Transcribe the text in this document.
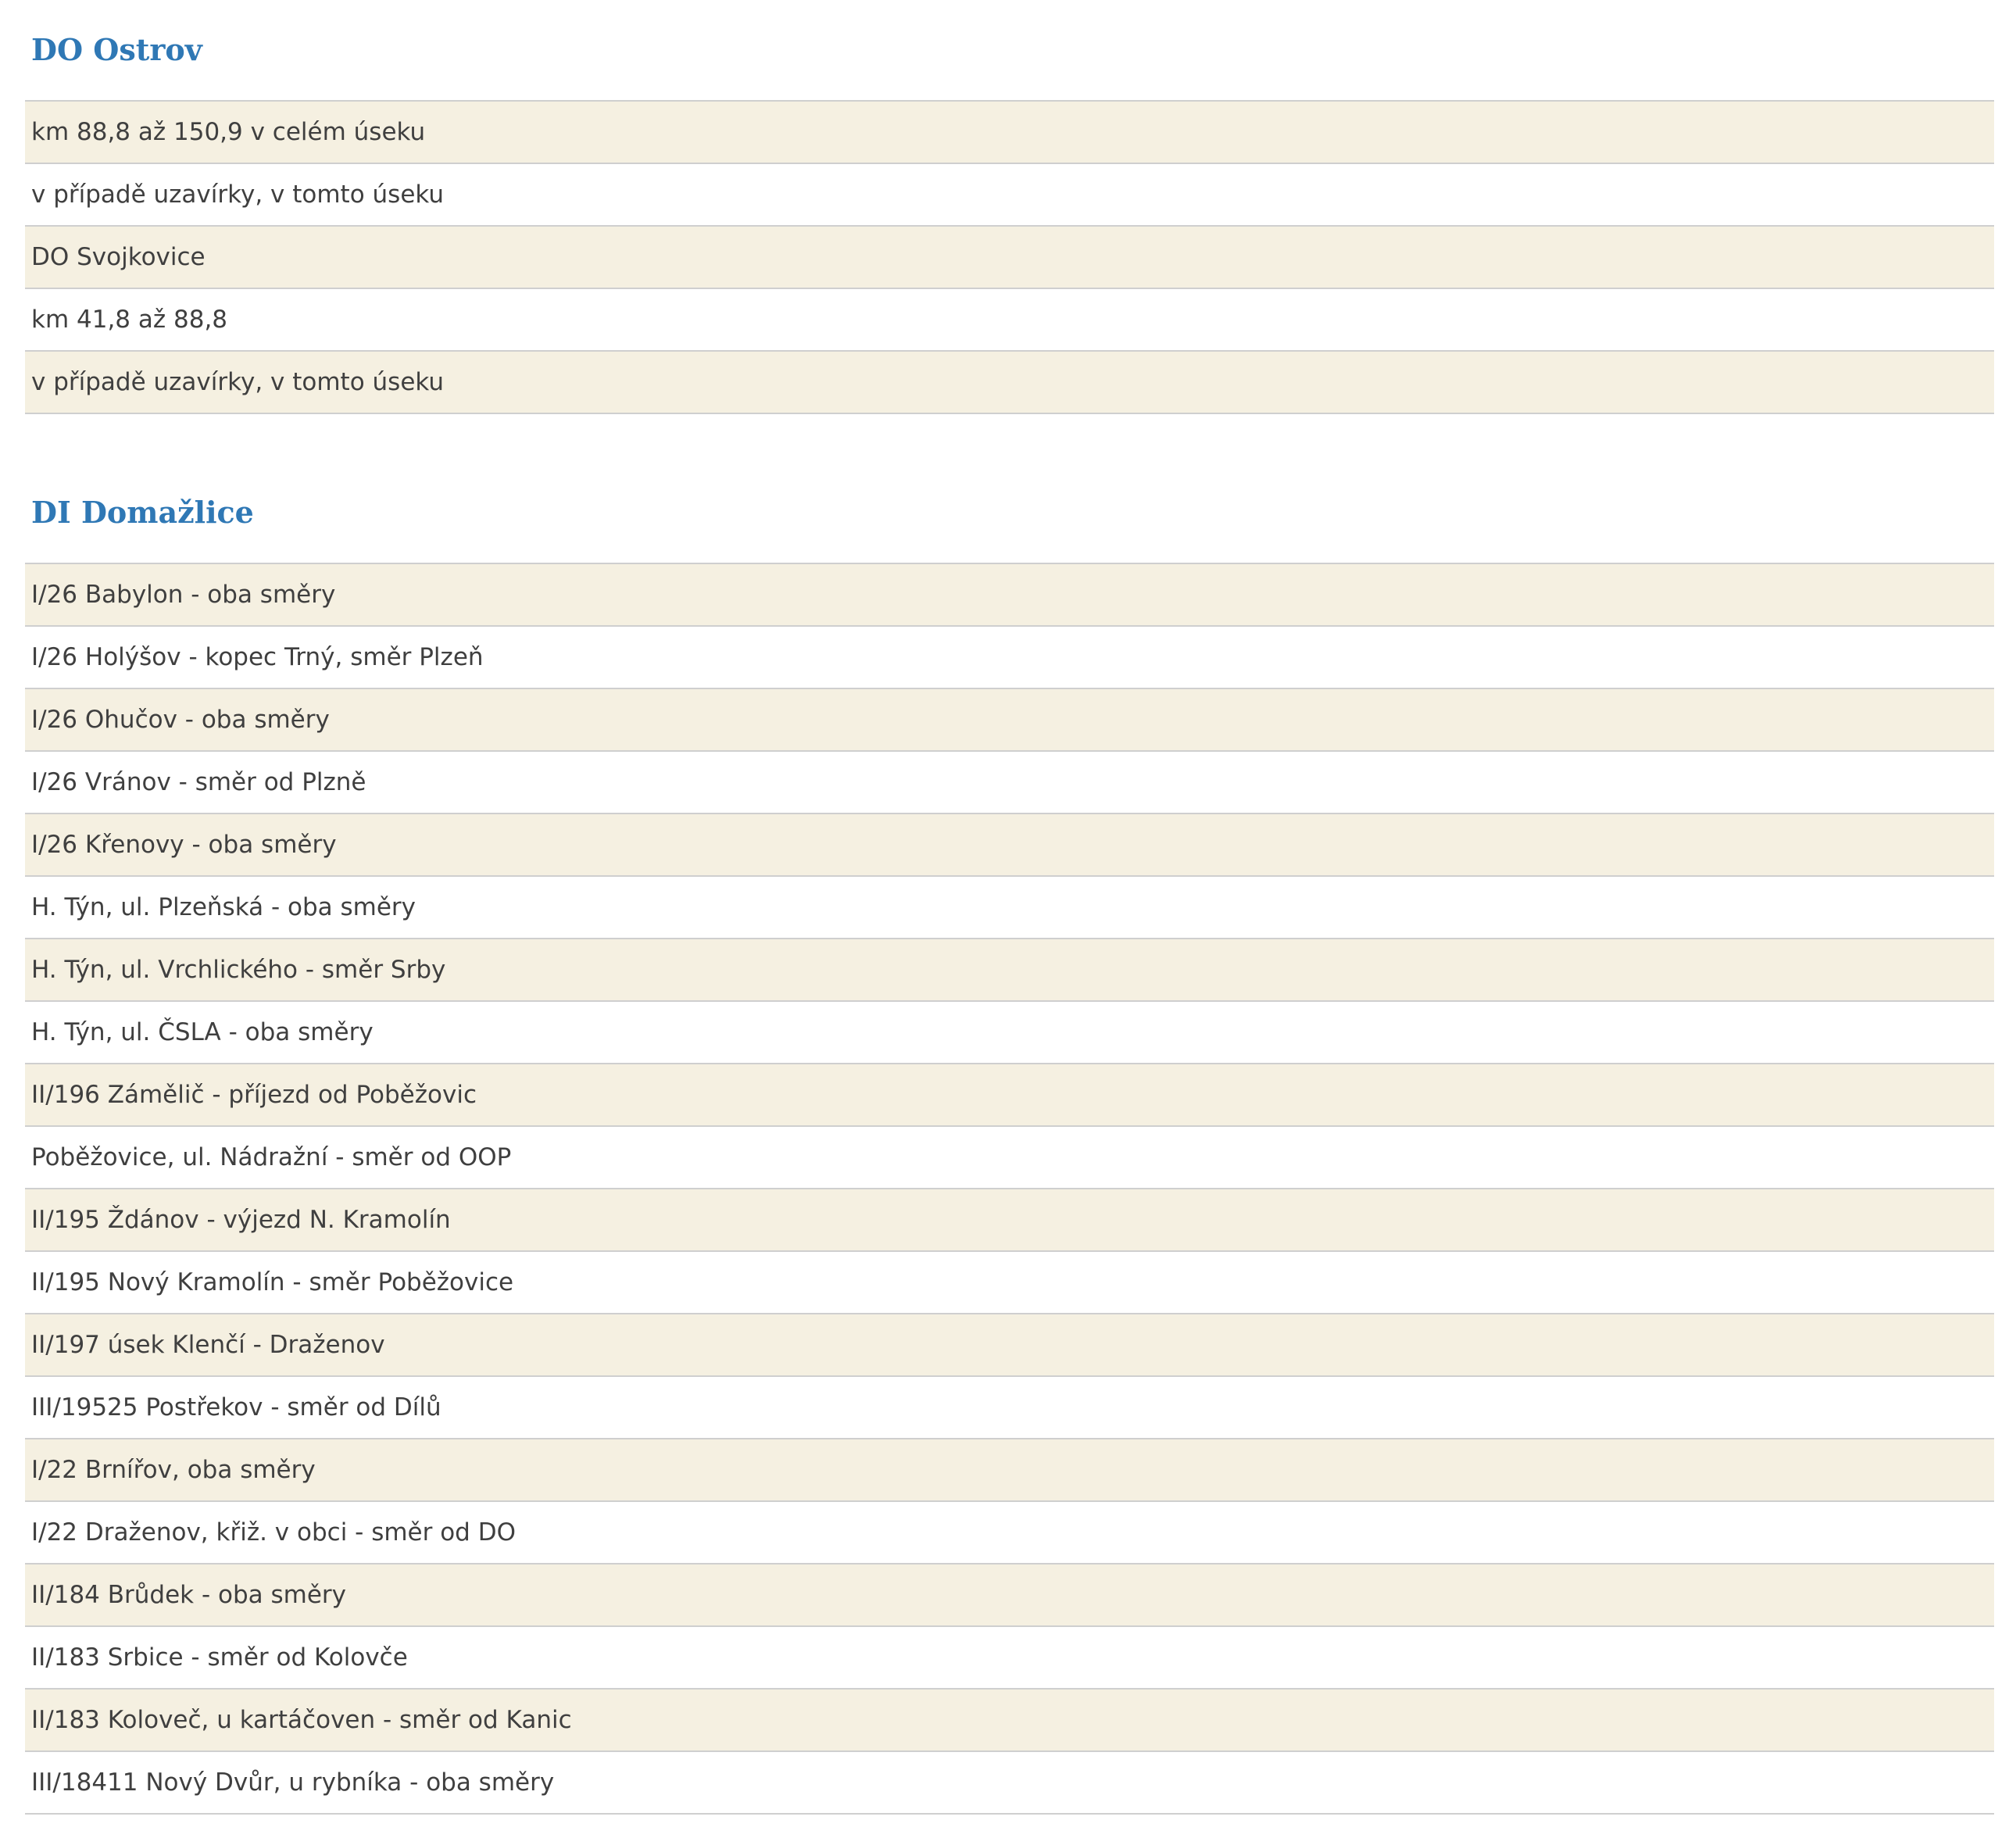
DO Ostrov
km 88,8 až 150,9 v celém úseku
v případě uzavírky, v tomto úseku
DO Svojkovice
km 41,8 až 88,8
v případě uzavírky, v tomto úseku
DI Domažlice
I/26 Babylon - oba směry
I/26 Holýšov - kopec Trný, směr Plzeň
I/26 Ohučov - oba směry
I/26 Vránov - směr od Plzně
I/26 Křenovy - oba směry
H. Týn, ul. Plzeňská - oba směry
H. Týn, ul. Vrchlického - směr Srby
H. Týn, ul. ČSLA - oba směry
II/196 Zámělič - příjezd od Poběžovic
Poběžovice, ul. Nádražní - směr od OOP
II/195 Ždánov - výjezd N. Kramolín
II/195 Nový Kramolín - směr Poběžovice
II/197 úsek Klenčí - Draženov
III/19525 Postřekov - směr od Dílů
I/22 Brnířov, oba směry
I/22 Draženov, křiž. v obci - směr od DO
II/184 Brůdek - oba směry
II/183 Srbice - směr od Kolovče
II/183 Koloveč, u kartáčoven - směr od Kanic
III/18411 Nový Dvůr, u rybníka - oba směry
